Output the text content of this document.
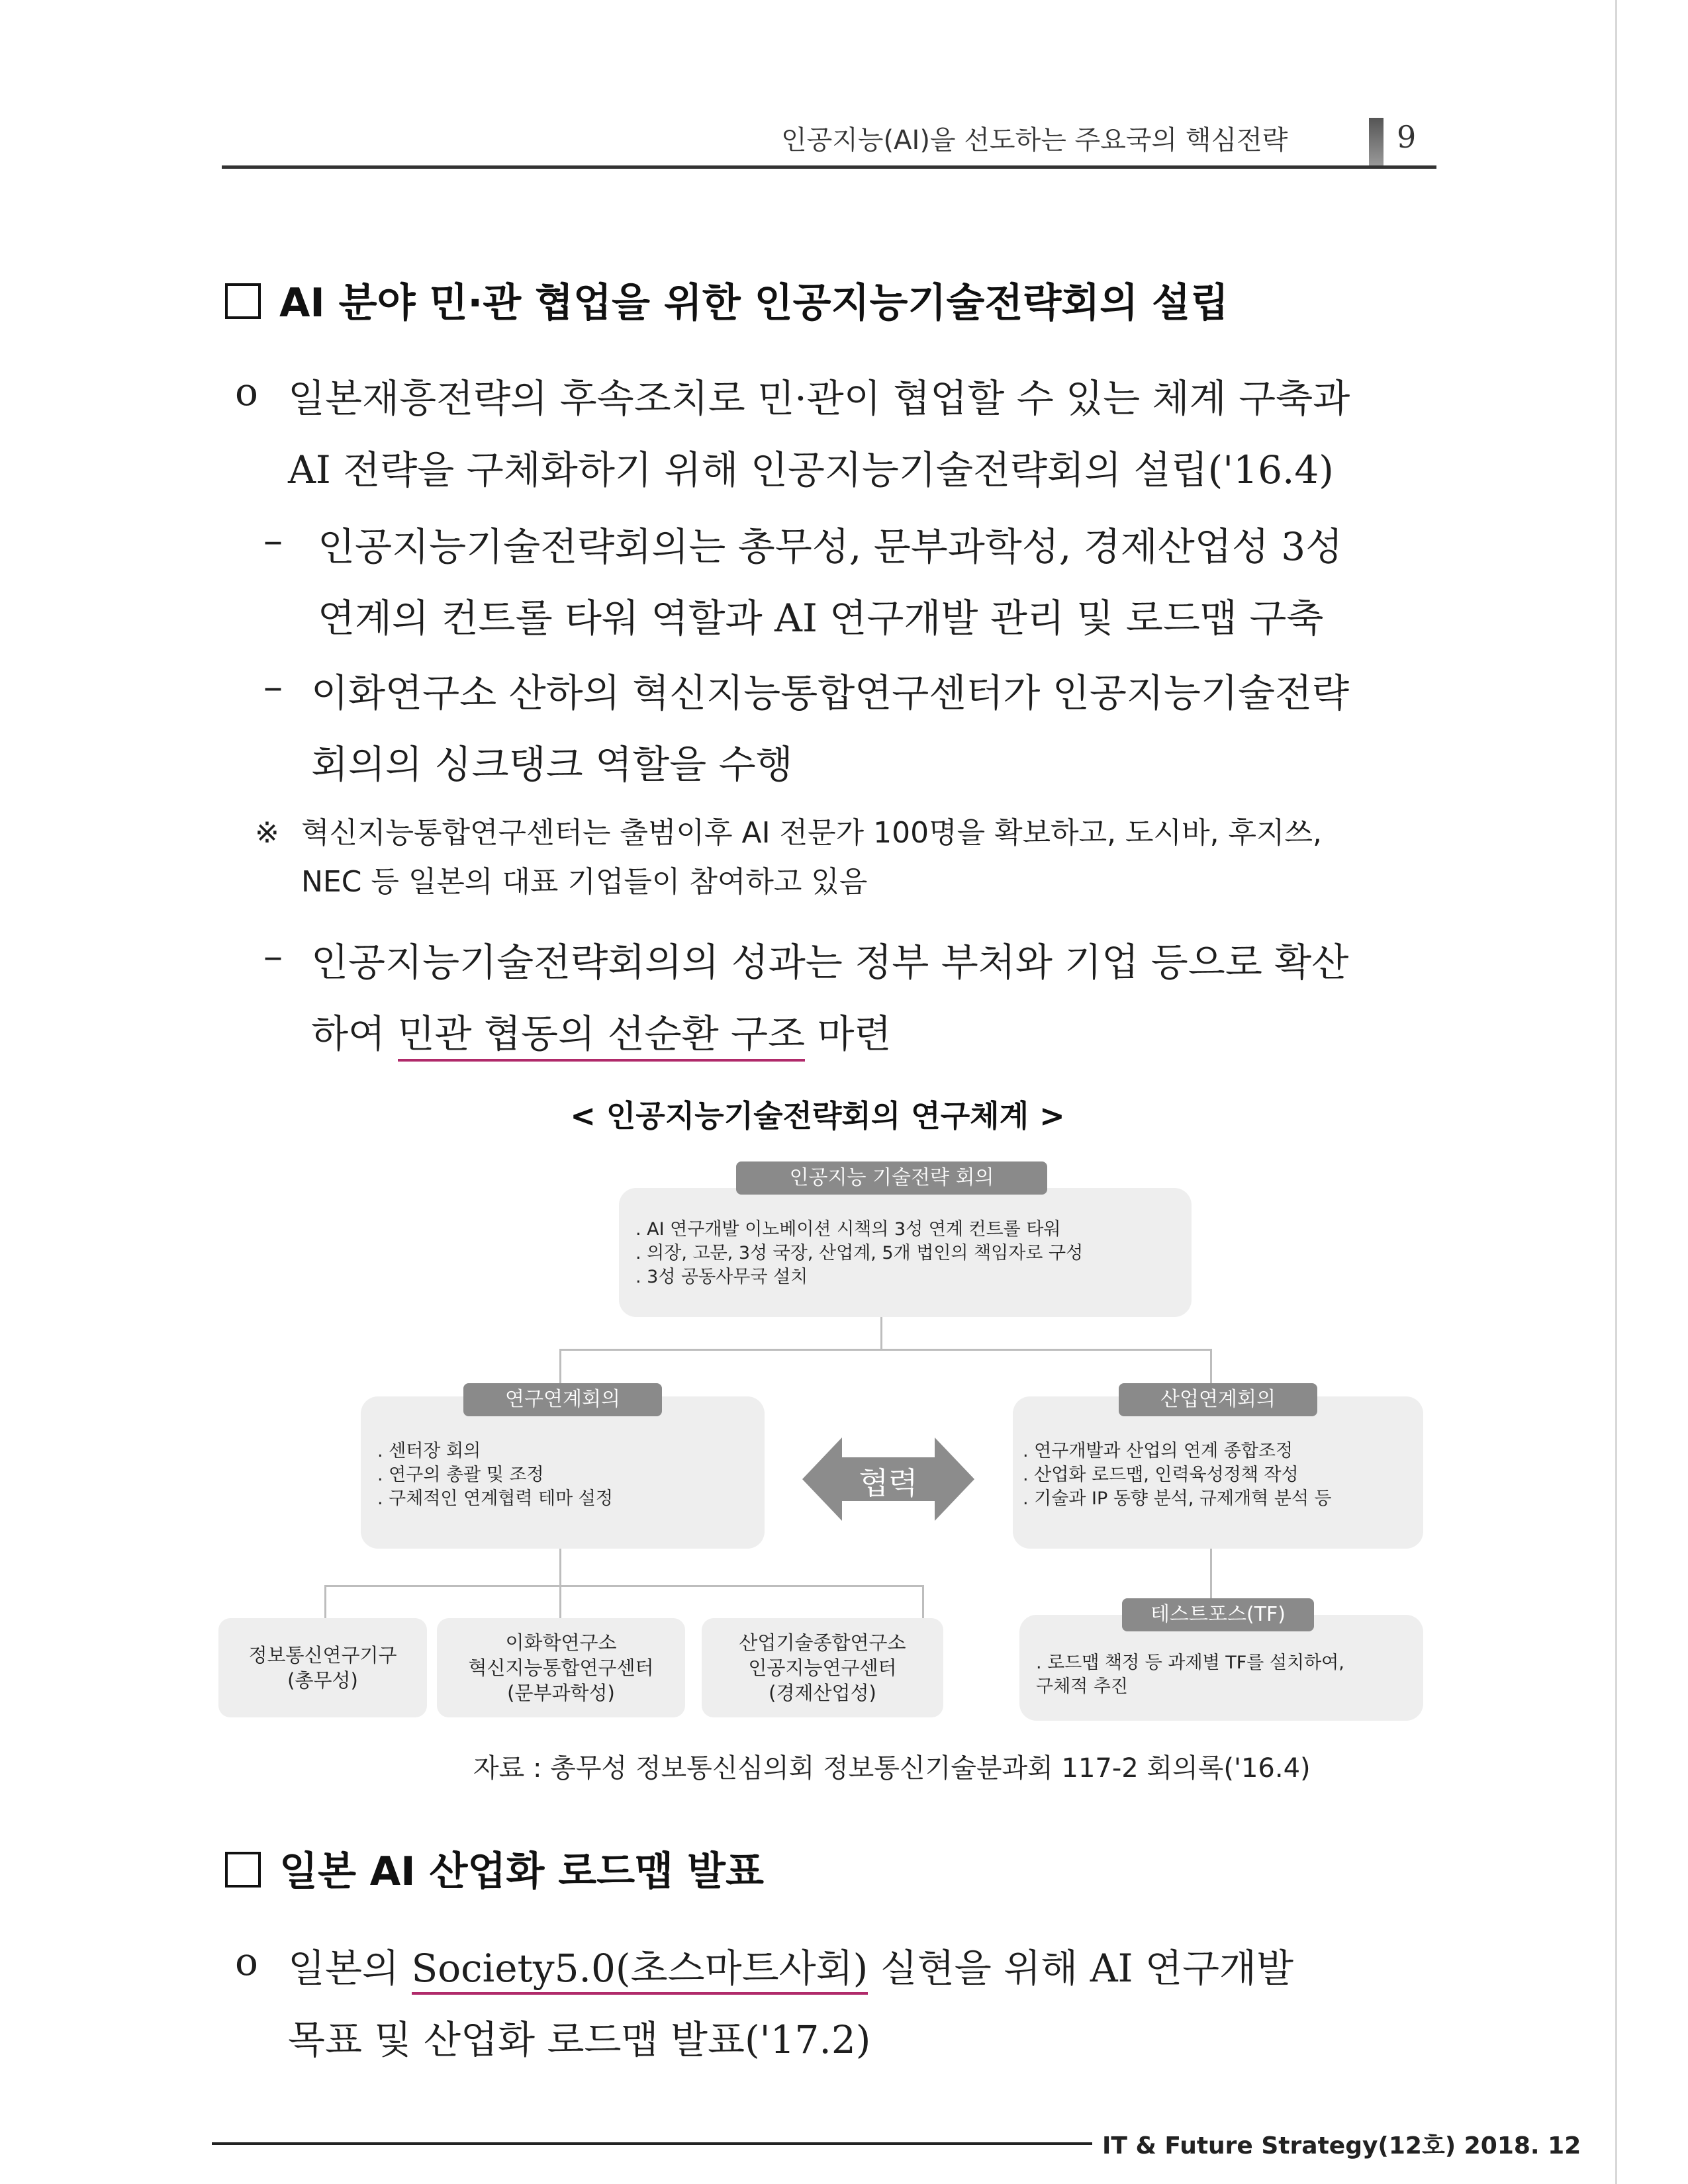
인공지능(AI)을 선도하는 주요국의 핵심전략	9
AI 분야 민·관 협업을 위한 인공지능기술전략회의 설립
o 일본재흥전략의 후속조치로 민·관이 협업할 수 있는 체계 구축과
AI 전략을 구체화하기 위해 인공지능기술전략회의 설립('16.4)
– 인공지능기술전략회의는 총무성, 문부과학성, 경제산업성 3성
연계의 컨트롤 타워 역할과 AI 연구개발 관리 및 로드맵 구축
– 이화연구소 산하의 혁신지능통합연구센터가 인공지능기술전략
회의의 싱크탱크 역할을 수행
※ 혁신지능통합연구센터는 출범이후 AI 전문가 100명을 확보하고, 도시바, 후지쓰,
NEC 등 일본의 대표 기업들이 참여하고 있음
– 인공지능기술전략회의의 성과는 정부 부처와 기업 등으로 확산
하여 민관 협동의 선순환 구조 마련
< 인공지능기술전략회의 연구체계 >
인공지능 기술전략 회의
. AI 연구개발 이노베이션 시책의 3성 연계 컨트롤 타워
. 의장, 고문, 3성 국장, 산업계, 5개 법인의 책임자로 구성
. 3성 공동사무국 설치
연구연계회의
. 센터장 회의
. 연구의 총괄 및 조정
. 구체적인 연계협력 테마 설정	협력
산업연계회의
. 연구개발과 산업의 연계 종합조정
. 산업화 로드맵, 인력육성정책 작성
. 기술과 IP 동향 분석, 규제개혁 분석 등
테스트포스(TF)
. 로드맵 책정 등 과제별 TF를 설치하여,
구체적 추진
정보통신연구기구
(총무성)
이화학연구소
혁신지능통합연구센터
(문부과학성)
산업기술종합연구소
인공지능연구센터
(경제산업성)
자료 : 총무성 정보통신심의회 정보통신기술분과회 117-2 회의록('16.4)
일본 AI 산업화 로드맵 발표
o 일본의 Society5.0(초스마트사회) 실현을 위해 AI 연구개발
목표 및 산업화 로드맵 발표('17.2)
IT & Future Strategy(12호) 2018. 12
